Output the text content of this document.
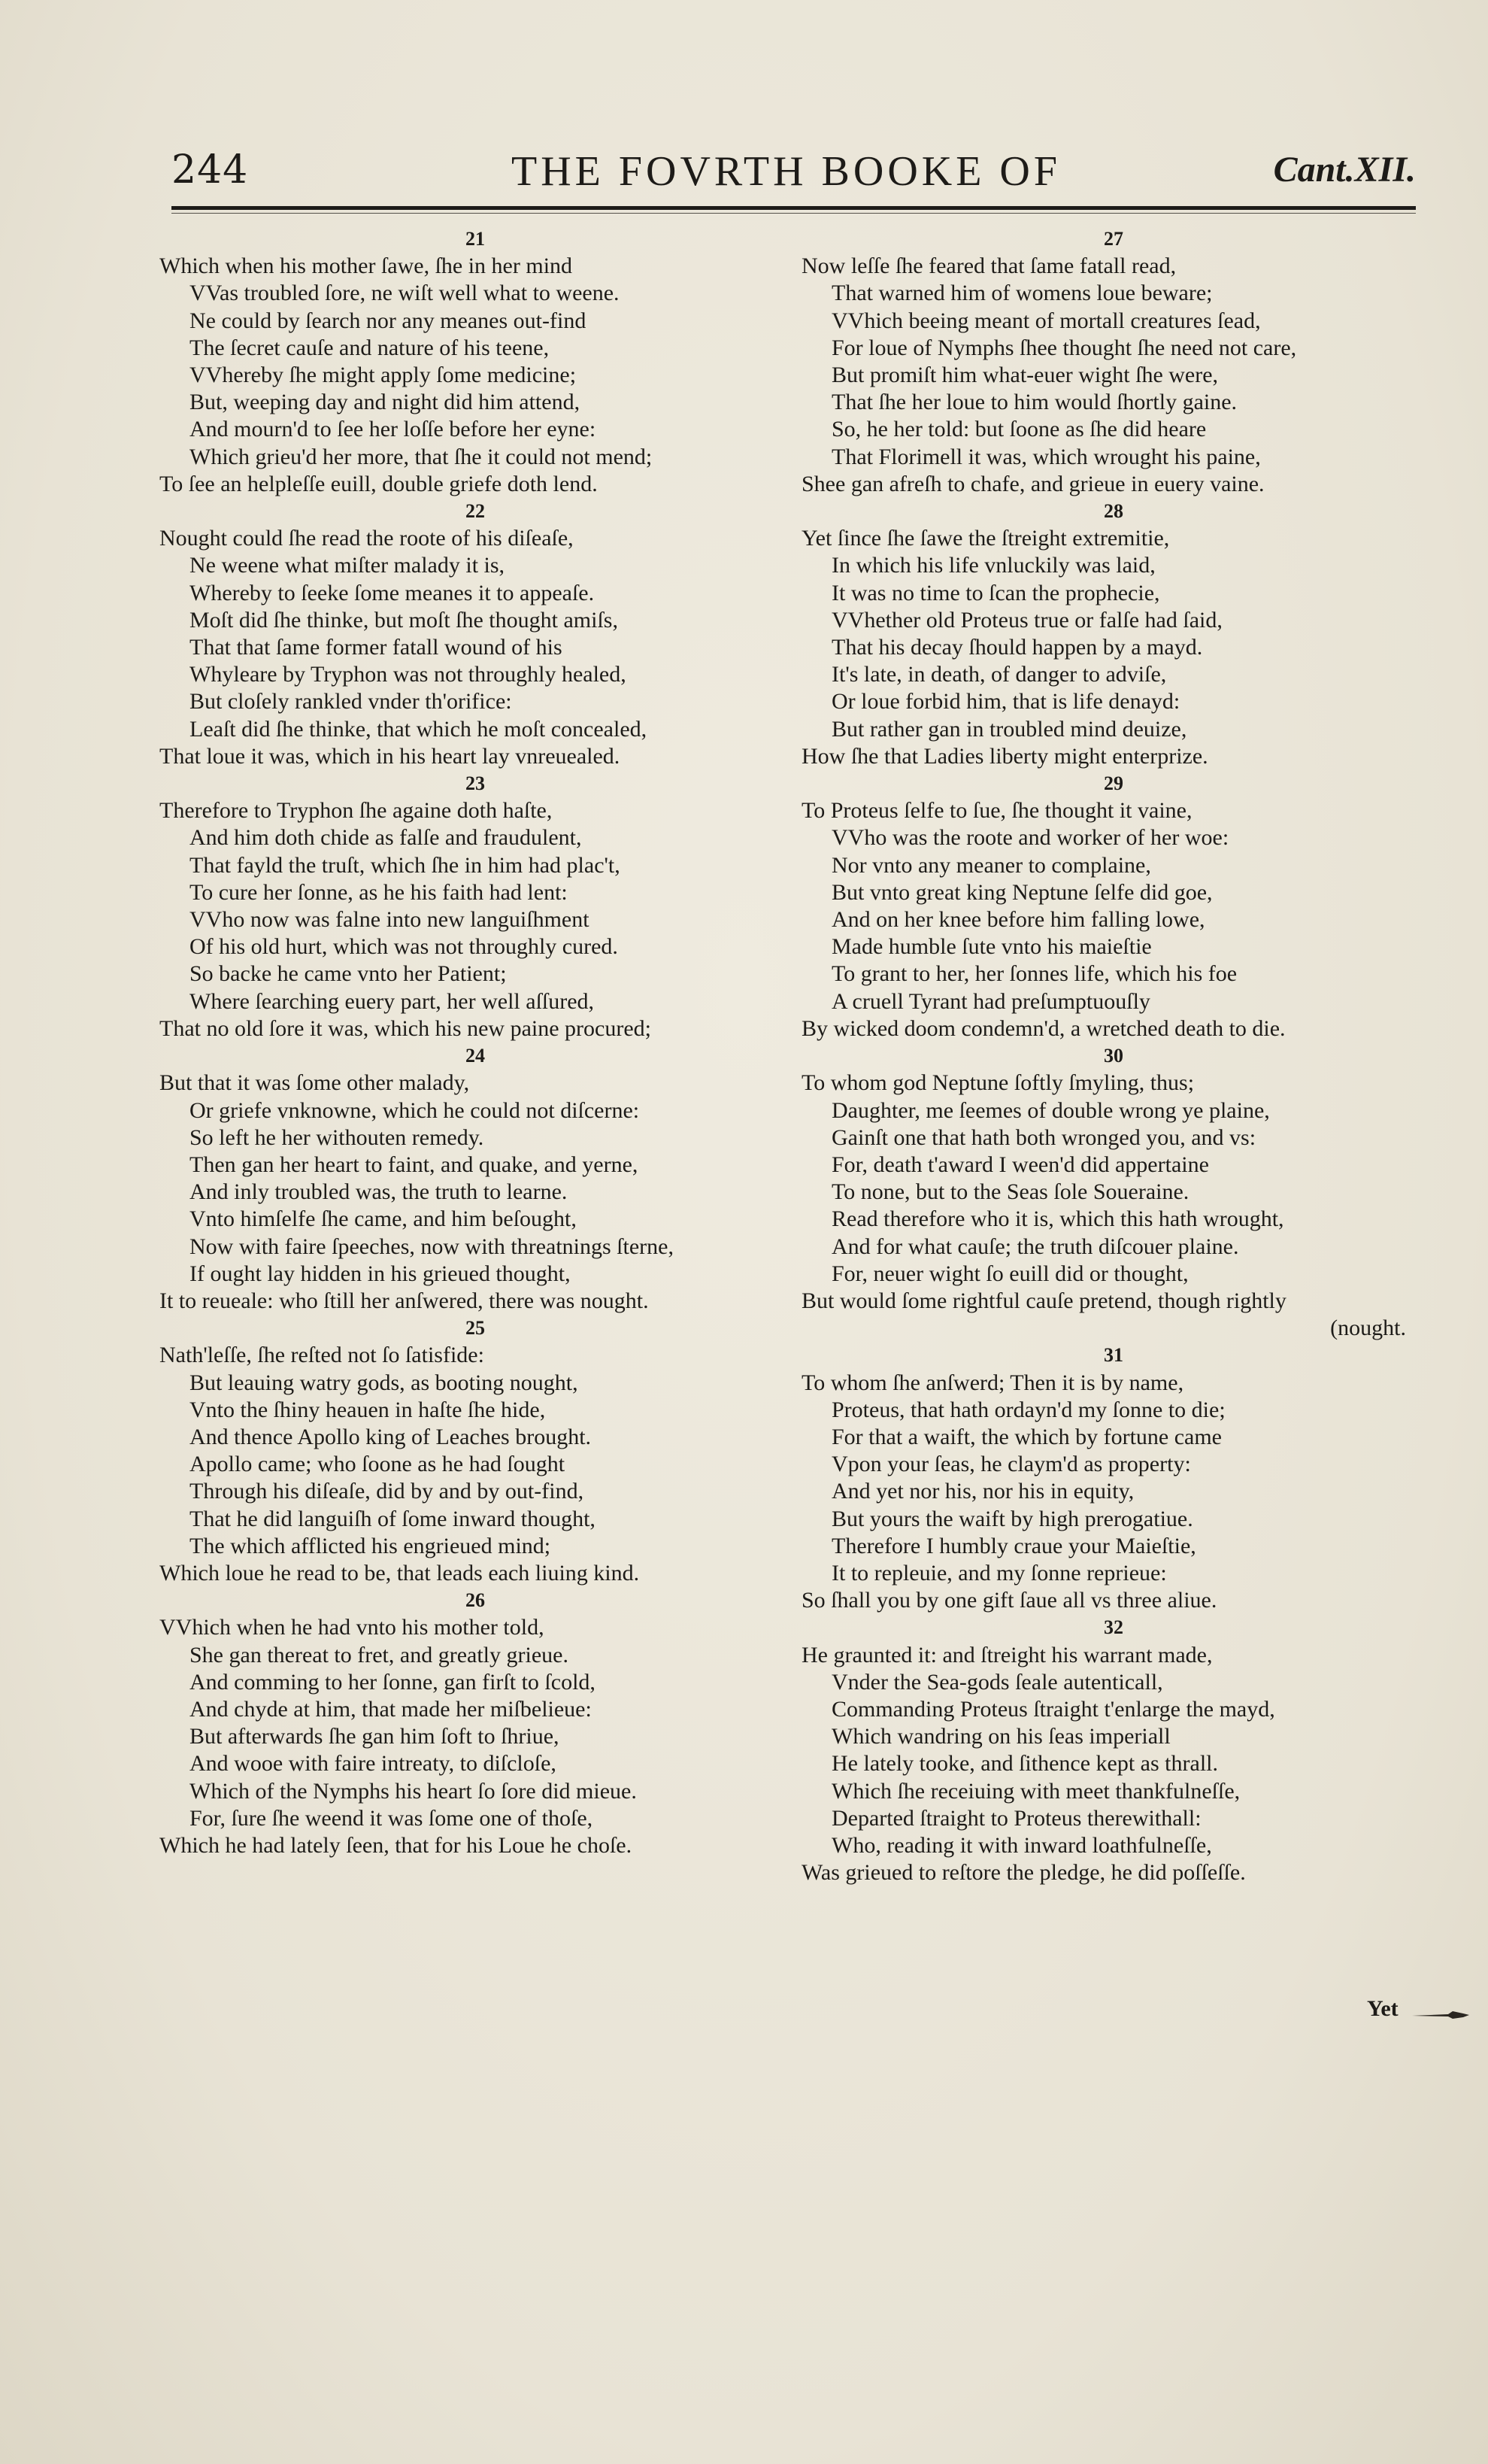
244	THE FOVRTH BOOKE OF	Cant.XII.
21
Which when his mother ſawe, ſhe in her mind
VVas troubled ſore, ne wiſt well what to weene.
Ne could by ſearch nor any meanes out-find
The ſecret cauſe and nature of his teene,
VVhereby ſhe might apply ſome medicine;
But, weeping day and night did him attend,
And mourn'd to ſee her loſſe before her eyne:
Which grieu'd her more, that ſhe it could not mend;
To ſee an helpleſſe euill, double griefe doth lend.
22
Nought could ſhe read the roote of his diſeaſe,
Ne weene what miſter malady it is,
Whereby to ſeeke ſome meanes it to appeaſe.
Moſt did ſhe thinke, but moſt ſhe thought amiſs,
That that ſame former fatall wound of his
Whyleare by Tryphon was not throughly healed,
But cloſely rankled vnder th'orifice:
Leaſt did ſhe thinke, that which he moſt concealed,
That loue it was, which in his heart lay vnreuealed.
23
Therefore to Tryphon ſhe againe doth haſte,
And him doth chide as falſe and fraudulent,
That fayld the truſt, which ſhe in him had plac't,
To cure her ſonne, as he his faith had lent:
VVho now was falne into new languiſhment
Of his old hurt, which was not throughly cured.
So backe he came vnto her Patient;
Where ſearching euery part, her well aſſured,
That no old ſore it was, which his new paine procured;
24
But that it was ſome other malady,
Or griefe vnknowne, which he could not diſcerne:
So left he her withouten remedy.
Then gan her heart to faint, and quake, and yerne,
And inly troubled was, the truth to learne.
Vnto himſelfe ſhe came, and him beſought,
Now with faire ſpeeches, now with threatnings ſterne,
If ought lay hidden in his grieued thought,
It to reueale: who ſtill her anſwered, there was nought.
25
Nath'leſſe, ſhe reſted not ſo ſatisfide:
But leauing watry gods, as booting nought,
Vnto the ſhiny heauen in haſte ſhe hide,
And thence Apollo king of Leaches brought.
Apollo came; who ſoone as he had ſought
Through his diſeaſe, did by and by out-find,
That he did languiſh of ſome inward thought,
The which afflicted his engrieued mind;
Which loue he read to be, that leads each liuing kind.
26
VVhich when he had vnto his mother told,
She gan thereat to fret, and greatly grieue.
And comming to her ſonne, gan firſt to ſcold,
And chyde at him, that made her miſbelieue:
But afterwards ſhe gan him ſoft to ſhriue,
And wooe with faire intreaty, to diſcloſe,
Which of the Nymphs his heart ſo ſore did mieue.
For, ſure ſhe weend it was ſome one of thoſe,
Which he had lately ſeen, that for his Loue he choſe.
27
Now leſſe ſhe feared that ſame fatall read,
That warned him of womens loue beware;
VVhich beeing meant of mortall creatures ſead,
For loue of Nymphs ſhee thought ſhe need not care,
But promiſt him what-euer wight ſhe were,
That ſhe her loue to him would ſhortly gaine.
So, he her told: but ſoone as ſhe did heare
That Florimell it was, which wrought his paine,
Shee gan afreſh to chafe, and grieue in euery vaine.
28
Yet ſince ſhe ſawe the ſtreight extremitie,
In which his life vnluckily was laid,
It was no time to ſcan the prophecie,
VVhether old Proteus true or falſe had ſaid,
That his decay ſhould happen by a mayd.
It's late, in death, of danger to adviſe,
Or loue forbid him, that is life denayd:
But rather gan in troubled mind deuize,
How ſhe that Ladies liberty might enterprize.
29
To Proteus ſelfe to ſue, ſhe thought it vaine,
VVho was the roote and worker of her woe:
Nor vnto any meaner to complaine,
But vnto great king Neptune ſelfe did goe,
And on her knee before him falling lowe,
Made humble ſute vnto his maieſtie
To grant to her, her ſonnes life, which his foe
A cruell Tyrant had preſumptuouſly
By wicked doom condemn'd, a wretched death to die.
30
To whom god Neptune ſoftly ſmyling, thus;
Daughter, me ſeemes of double wrong ye plaine,
Gainſt one that hath both wronged you, and vs:
For, death t'award I ween'd did appertaine
To none, but to the Seas ſole Soueraine.
Read therefore who it is, which this hath wrought,
And for what cauſe; the truth diſcouer plaine.
For, neuer wight ſo euill did or thought,
But would ſome rightful cauſe pretend, though rightly
(nought.
31
To whom ſhe anſwerd; Then it is by name,
Proteus, that hath ordayn'd my ſonne to die;
For that a waift, the which by fortune came
Vpon your ſeas, he claym'd as property:
And yet nor his, nor his in equity,
But yours the waift by high prerogatiue.
Therefore I humbly craue your Maieſtie,
It to repleuie, and my ſonne reprieue:
So ſhall you by one gift ſaue all vs three aliue.
32
He graunted it: and ſtreight his warrant made,
Vnder the Sea-gods ſeale autenticall,
Commanding Proteus ſtraight t'enlarge the mayd,
Which wandring on his ſeas imperiall
He lately tooke, and ſithence kept as thrall.
Which ſhe receiuing with meet thankfulneſſe,
Departed ſtraight to Proteus therewithall:
Who, reading it with inward loathfulneſſe,
Was grieued to reſtore the pledge, he did poſſeſſe.
Yet
